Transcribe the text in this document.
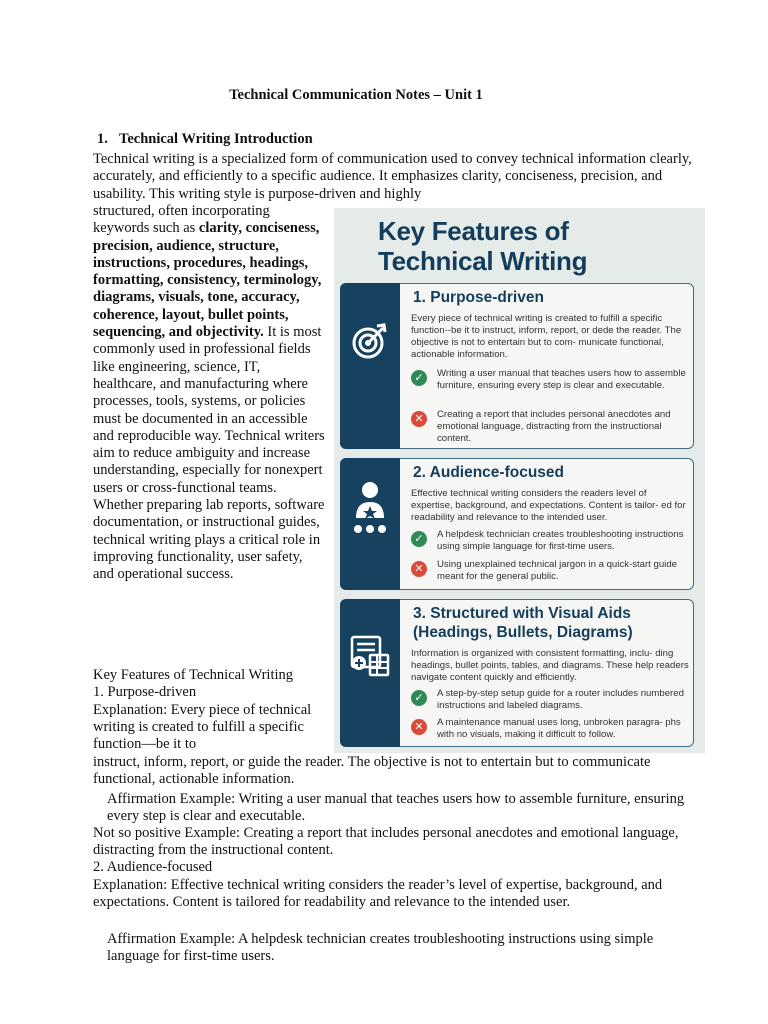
Technical Communication Notes – Unit 1
1. Technical Writing Introduction
Technical writing is a specialized form of communication used to convey technical information clearly, accurately, and efficiently to a specific audience. It emphasizes clarity, conciseness, precision, and usability. This writing style is purpose-driven and highly
structured, often incorporating keywords such as clarity, conciseness, precision, audience, structure, instructions, procedures, headings, formatting, consistency, terminology, diagrams, visuals, tone, accuracy, coherence, layout, bullet points, sequencing, and objectivity. It is most commonly used in professional fields like engineering, science, IT, healthcare, and manufacturing where processes, tools, systems, or policies must be documented in an accessible and reproducible way. Technical writers aim to reduce ambiguity and increase understanding, especially for nonexpert users or cross-functional teams. Whether preparing lab reports, software documentation, or instructional guides, technical writing plays a critical role in improving functionality, user safety, and operational success.
Key Features of Technical Writing
1. Purpose-driven
Explanation: Every piece of technical writing is created to fulfill a specific function—be it to
instruct, inform, report, or guide the reader. The objective is not to entertain but to communicate functional, actionable information.
Affirmation Example: Writing a user manual that teaches users how to assemble furniture, ensuring every step is clear and executable.
Not so positive Example: Creating a report that includes personal anecdotes and emotional language, distracting from the instructional content.
2. Audience-focused
Explanation: Effective technical writing considers the reader’s level of expertise, background, and expectations. Content is tailored for readability and relevance to the intended user.
Affirmation Example: A helpdesk technician creates troubleshooting instructions using simple language for first-time users.
Key Features of
Technical Writing
1. Purpose-driven
Every piece of technical writing is created to fulfill a specific function--be it to instruct, inform, report, or dede the reader. The objective is not to entertain but to com- municate functional, actionable information.
✓	Writing a user manual that teaches users how to assemble furniture, ensuring every step is clear and executable.
✕	Creating a report that includes personal anecdotes and emotional language, distracting from the instructional content.
2. Audience-focused
Effective technical writing considers the readers level of expertise, background, and expectations. Content is tailor- ed for readability and relevance to the intended user.
✓	A helpdesk technician creates troubleshooting instructions using simple language for first-time users.
✕	Using unexplained technical jargon in a quick-start guide meant for the general public.
3. Structured with Visual Aids
(Headings, Bullets, Diagrams)
Information is organized with consistent formatting, inclu- ding headings, bullet points, tables, and diagrams. These help readers navigate content quickly and efficiently.
✓	A step-by-step setup guide for a router includes numbered instructions and labeled diagrams.
✕	A maintenance manual uses long, unbroken paragra- phs with no visuals, making it difficult to follow.
